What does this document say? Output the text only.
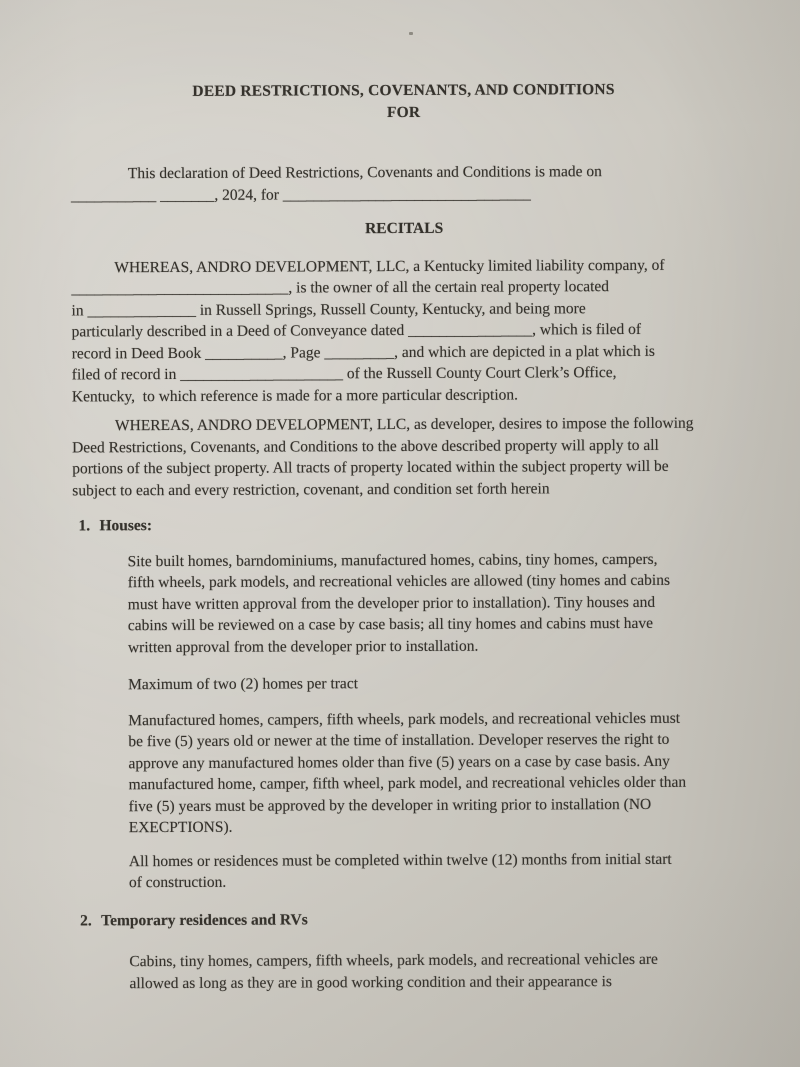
DEED RESTRICTIONS, COVENANTS, AND CONDITIONS
FOR
This declaration of Deed Restrictions, Covenants and Conditions is made on
___________ _______, 2024, for ________________________________
RECITALS
WHEREAS, ANDRO DEVELOPMENT, LLC, a Kentucky limited liability company, of
____________________________, is the owner of all the certain real property located
in ______________ in Russell Springs, Russell County, Kentucky, and being more
particularly described in a Deed of Conveyance dated ________________, which is filed of
record in Deed Book __________, Page _________, and which are depicted in a plat which is
filed of record in _____________________ of the Russell County Court Clerk’s Office,
Kentucky,  to which reference is made for a more particular description.
WHEREAS, ANDRO DEVELOPMENT, LLC, as developer, desires to impose the following
Deed Restrictions, Covenants, and Conditions to the above described property will apply to all
portions of the subject property. All tracts of property located within the subject property will be
subject to each and every restriction, covenant, and condition set forth herein
1. Houses:
Site built homes, barndominiums, manufactured homes, cabins, tiny homes, campers,
fifth wheels, park models, and recreational vehicles are allowed (tiny homes and cabins
must have written approval from the developer prior to installation). Tiny houses and
cabins will be reviewed on a case by case basis; all tiny homes and cabins must have
written approval from the developer prior to installation.
Maximum of two (2) homes per tract
Manufactured homes, campers, fifth wheels, park models, and recreational vehicles must
be five (5) years old or newer at the time of installation. Developer reserves the right to
approve any manufactured homes older than five (5) years on a case by case basis. Any
manufactured home, camper, fifth wheel, park model, and recreational vehicles older than
five (5) years must be approved by the developer in writing prior to installation (NO
EXECPTIONS).
All homes or residences must be completed within twelve (12) months from initial start
of construction.
2. Temporary residences and RVs
Cabins, tiny homes, campers, fifth wheels, park models, and recreational vehicles are
allowed as long as they are in good working condition and their appearance is
